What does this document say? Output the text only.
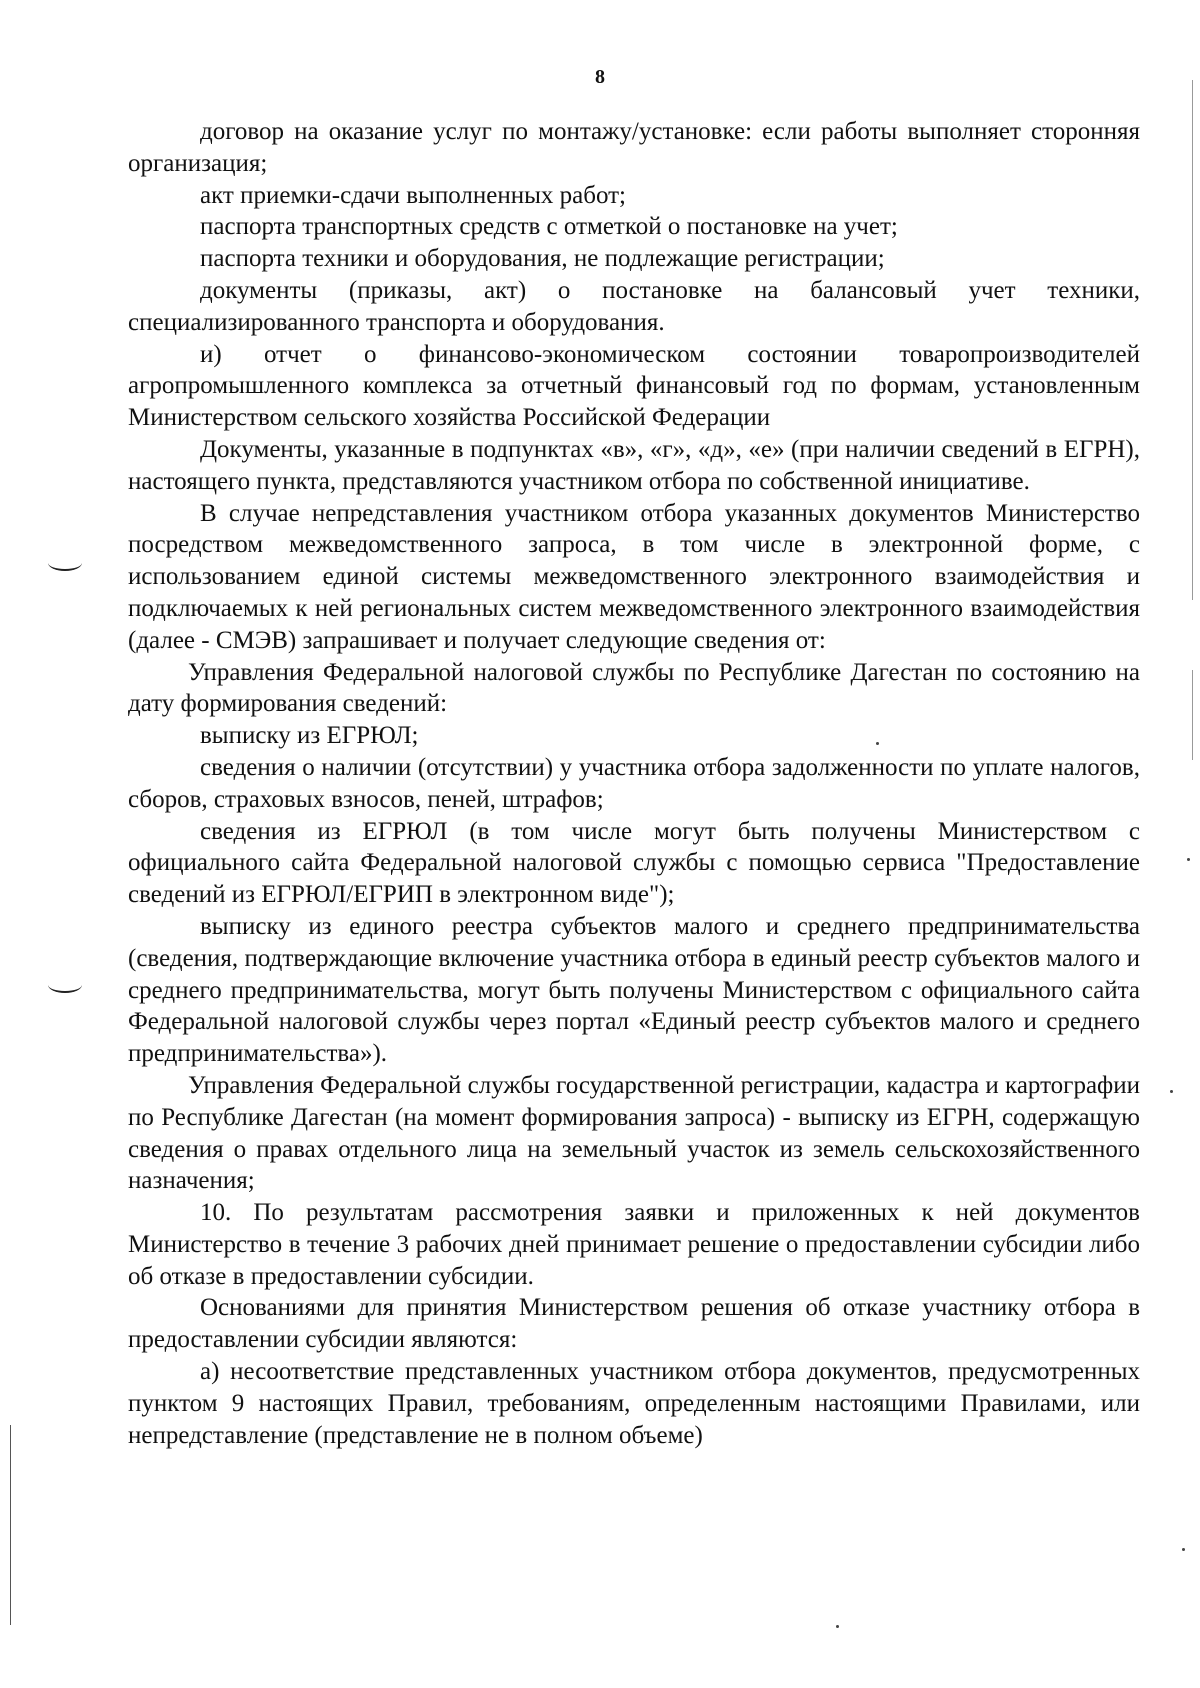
8

договор на оказание услуг по монтажу/установке: если работы выполняет сторонняя организация;

акт приемки-сдачи выполненных работ;

паспорта транспортных средств с отметкой о постановке на учет;

паспорта техники и оборудования, не подлежащие регистрации;

документы (приказы, акт) о постановке на балансовый учет техники, специализированного транспорта и оборудования.

и) отчет о финансово-экономическом состоянии товаропроизводителей агропромышленного комплекса за отчетный финансовый год по формам, установленным Министерством сельского хозяйства Российской Федерации

Документы, указанные в подпунктах «в», «г», «д», «е» (при наличии сведений в ЕГРН), настоящего пункта, представляются участником отбора по собственной инициативе.

В случае непредставления участником отбора указанных документов Министерство посредством межведомственного запроса, в том числе в электронной форме, с использованием единой системы межведомственного электронного взаимодействия и подключаемых к ней региональных систем межведомственного электронного взаимодействия (далее - СМЭВ) запрашивает и получает следующие сведения от:

Управления Федеральной налоговой службы по Республике Дагестан по состоянию на дату формирования сведений:

выписку из ЕГРЮЛ;

сведения о наличии (отсутствии) у участника отбора задолженности по уплате налогов, сборов, страховых взносов, пеней, штрафов;

сведения из ЕГРЮЛ (в том числе могут быть получены Министерством с официального сайта Федеральной налоговой службы с помощью сервиса "Предоставление сведений из ЕГРЮЛ/ЕГРИП в электронном виде");

выписку из единого реестра субъектов малого и среднего предпринимательства (сведения, подтверждающие включение участника отбора в единый реестр субъектов малого и среднего предпринимательства, могут быть получены Министерством с официального сайта Федеральной налоговой службы через портал «Единый реестр субъектов малого и среднего предпринимательства»).

Управления Федеральной службы государственной регистрации, кадастра и картографии по Республике Дагестан (на момент формирования запроса) - выписку из ЕГРН, содержащую сведения о правах отдельного лица на земельный участок из земель сельскохозяйственного назначения;

10. По результатам рассмотрения заявки и приложенных к ней документов Министерство в течение 3 рабочих дней принимает решение о предоставлении субсидии либо об отказе в предоставлении субсидии.

Основаниями для принятия Министерством решения об отказе участнику отбора в предоставлении субсидии являются:

а) несоответствие представленных участником отбора документов, предусмотренных пунктом 9 настоящих Правил, требованиям, определенным настоящими Правилами, или непредставление (представление не в полном объеме)
